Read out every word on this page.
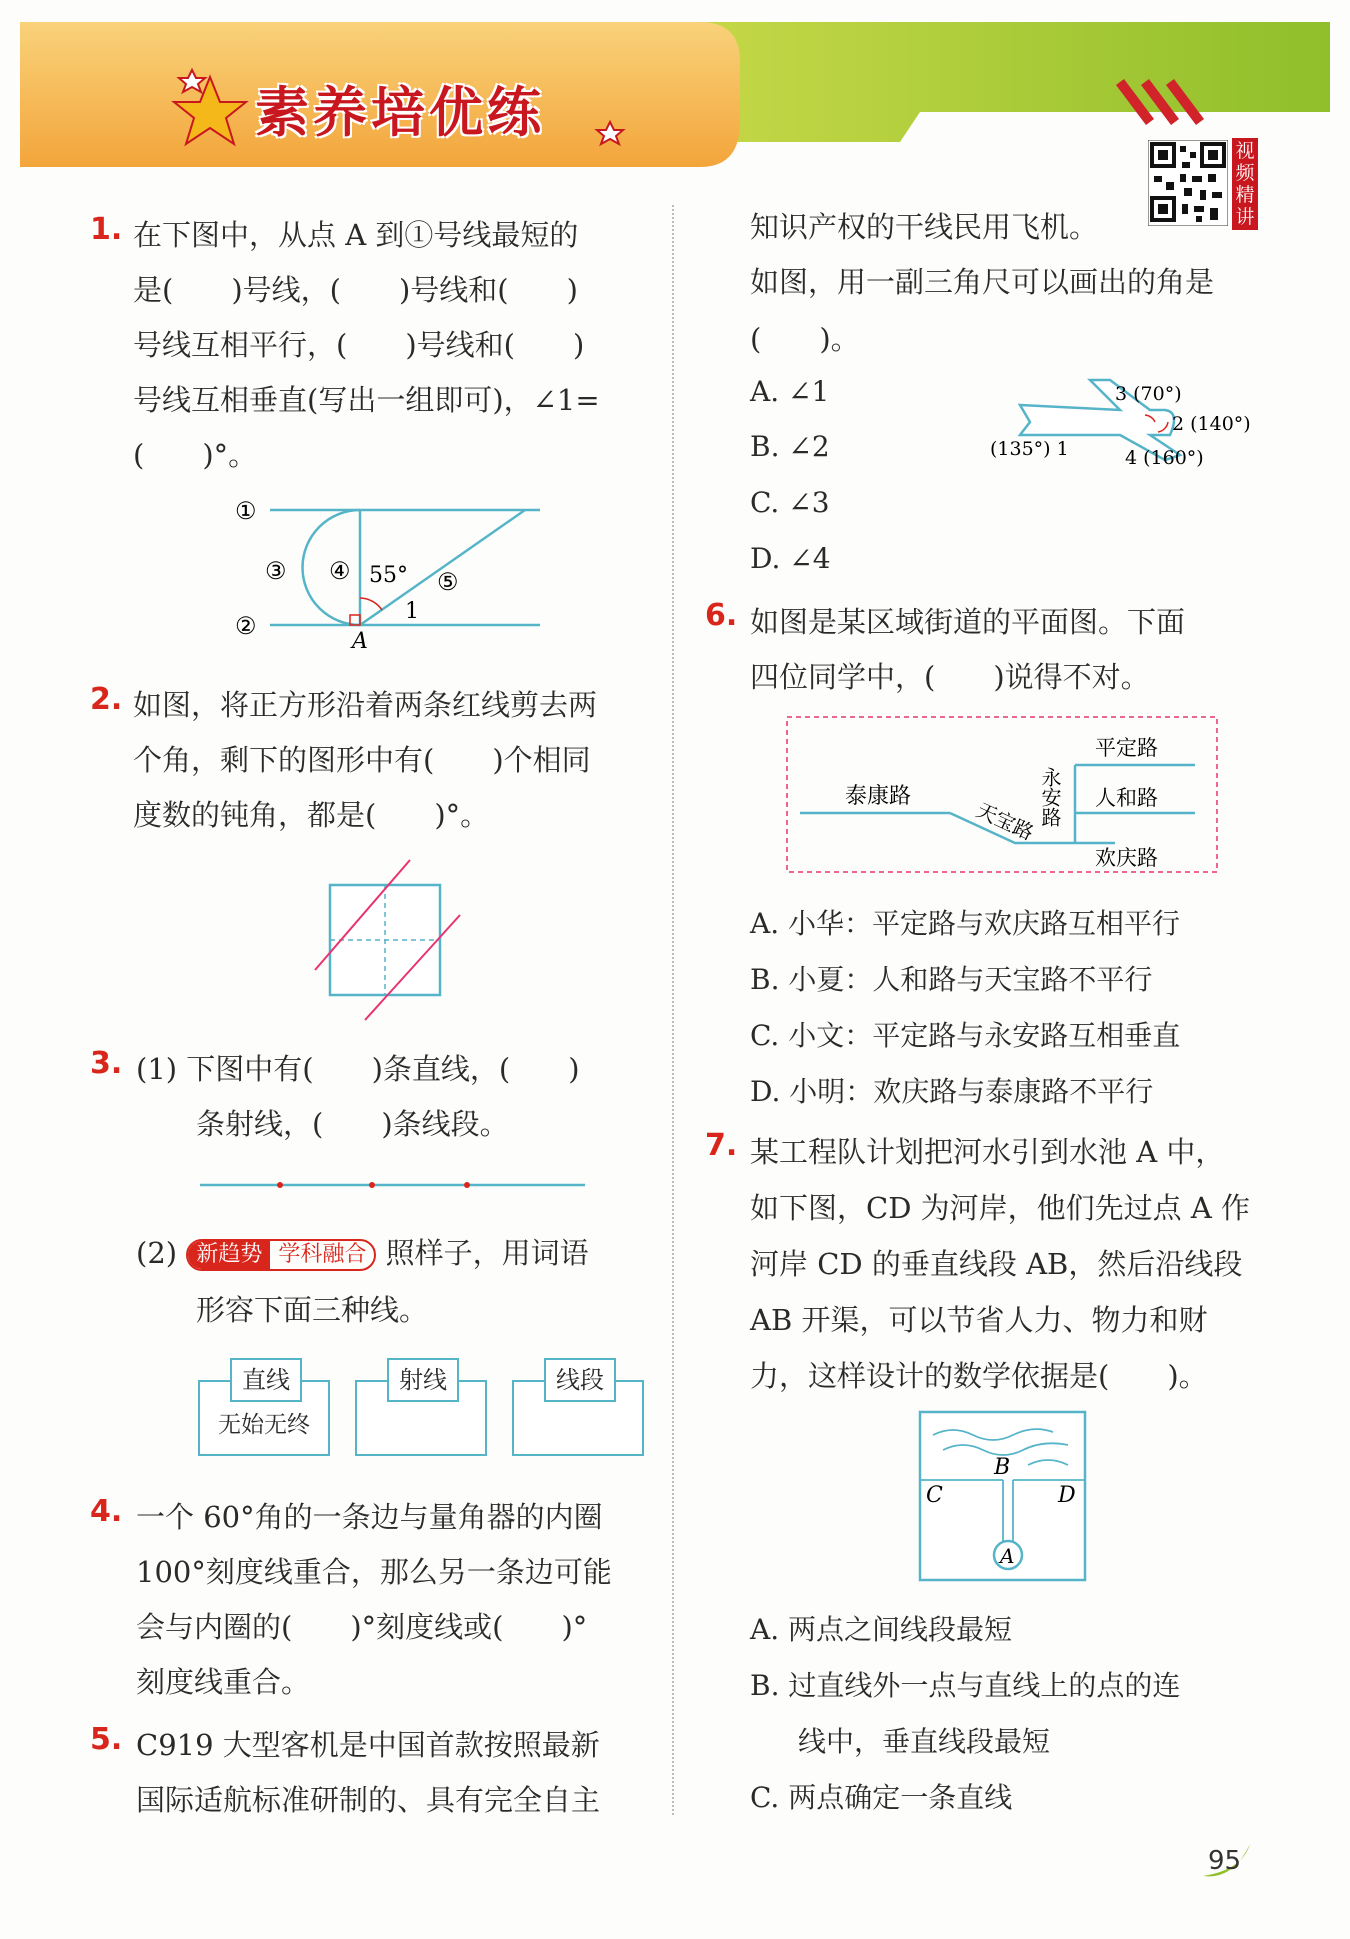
素养培优练
视频精讲
1. 在下图中，从点 A 到①号线最短的
是(　　)号线，(　　)号线和(　　)
号线互相平行，(　　)号线和(　　)
号线互相垂直(写出一组即可)，∠1=
(　　)°。
①
②
③ ④	⑤
55°
1
A
2. 如图，将正方形沿着两条红线剪去两
个角，剩下的图形中有(　　)个相同
度数的钝角，都是(　　)°。
3. (1) 下图中有(　　)条直线，(　　)
条射线，(　　)条线段。
(2) 新趋势 学科融合 照样子，用词语
形容下面三种线。
无始无终
直线	射线	线段
4. 一个 60°角的一条边与量角器的内圈
100°刻度线重合，那么另一条边可能
会与内圈的(　　)°刻度线或(　　)°
刻度线重合。
5. C919 大型客机是中国首款按照最新
国际适航标准研制的、具有完全自主
知识产权的干线民用飞机。
如图，用一副三角尺可以画出的角是
(　　)。
A. ∠1
B. ∠2
C. ∠3
D. ∠4
(135°) 1
2 (140°)
3 (70°)
4 (160°)
6. 如图是某区域街道的平面图。下面
四位同学中，(　　)说得不对。
泰康路
天宝路 永安路
平定路
人和路
欢庆路
A. 小华：平定路与欢庆路互相平行
B. 小夏：人和路与天宝路不平行
C. 小文：平定路与永安路互相垂直
D. 小明：欢庆路与泰康路不平行
7. 某工程队计划把河水引到水池 A 中，
如下图，CD 为河岸，他们先过点 A 作
河岸 CD 的垂直线段 AB，然后沿线段
AB 开渠，可以节省人力、物力和财
力，这样设计的数学依据是(　　)。
B
C	D
A
A. 两点之间线段最短
B. 过直线外一点与直线上的点的连
线中，垂直线段最短
C. 两点确定一条直线
95
